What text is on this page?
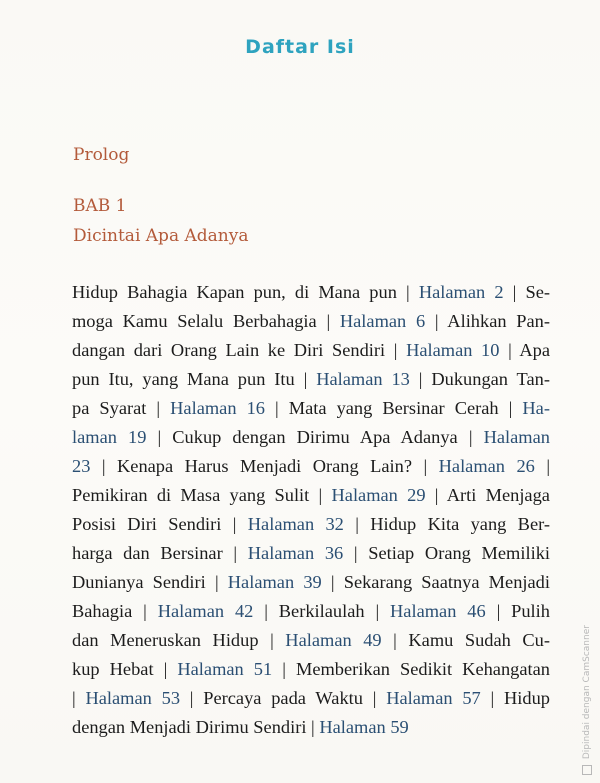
Daftar Isi
Prolog
BAB 1
Dicintai Apa Adanya
Hidup Bahagia Kapan pun, di Mana pun | Halaman 2 | Se-
moga Kamu Selalu Berbahagia | Halaman 6 | Alihkan Pan-
dangan dari Orang Lain ke Diri Sendiri | Halaman 10 | Apa
pun Itu, yang Mana pun Itu | Halaman 13 | Dukungan Tan-
pa Syarat | Halaman 16 | Mata yang Bersinar Cerah | Ha-
laman 19 | Cukup dengan Dirimu Apa Adanya | Halaman
23 | Kenapa Harus Menjadi Orang Lain? | Halaman 26 |
Pemikiran di Masa yang Sulit | Halaman 29 | Arti Menjaga
Posisi Diri Sendiri | Halaman 32 | Hidup Kita yang Ber-
harga dan Bersinar | Halaman 36 | Setiap Orang Memiliki
Dunianya Sendiri | Halaman 39 | Sekarang Saatnya Menjadi
Bahagia | Halaman 42 | Berkilaulah | Halaman 46 | Pulih
dan Meneruskan Hidup | Halaman 49 | Kamu Sudah Cu-
kup Hebat | Halaman 51 | Memberikan Sedikit Kehangatan
| Halaman 53 | Percaya pada Waktu | Halaman 57 | Hidup
dengan Menjadi Dirimu Sendiri | Halaman 59	Dipindai dengan CamScanner
